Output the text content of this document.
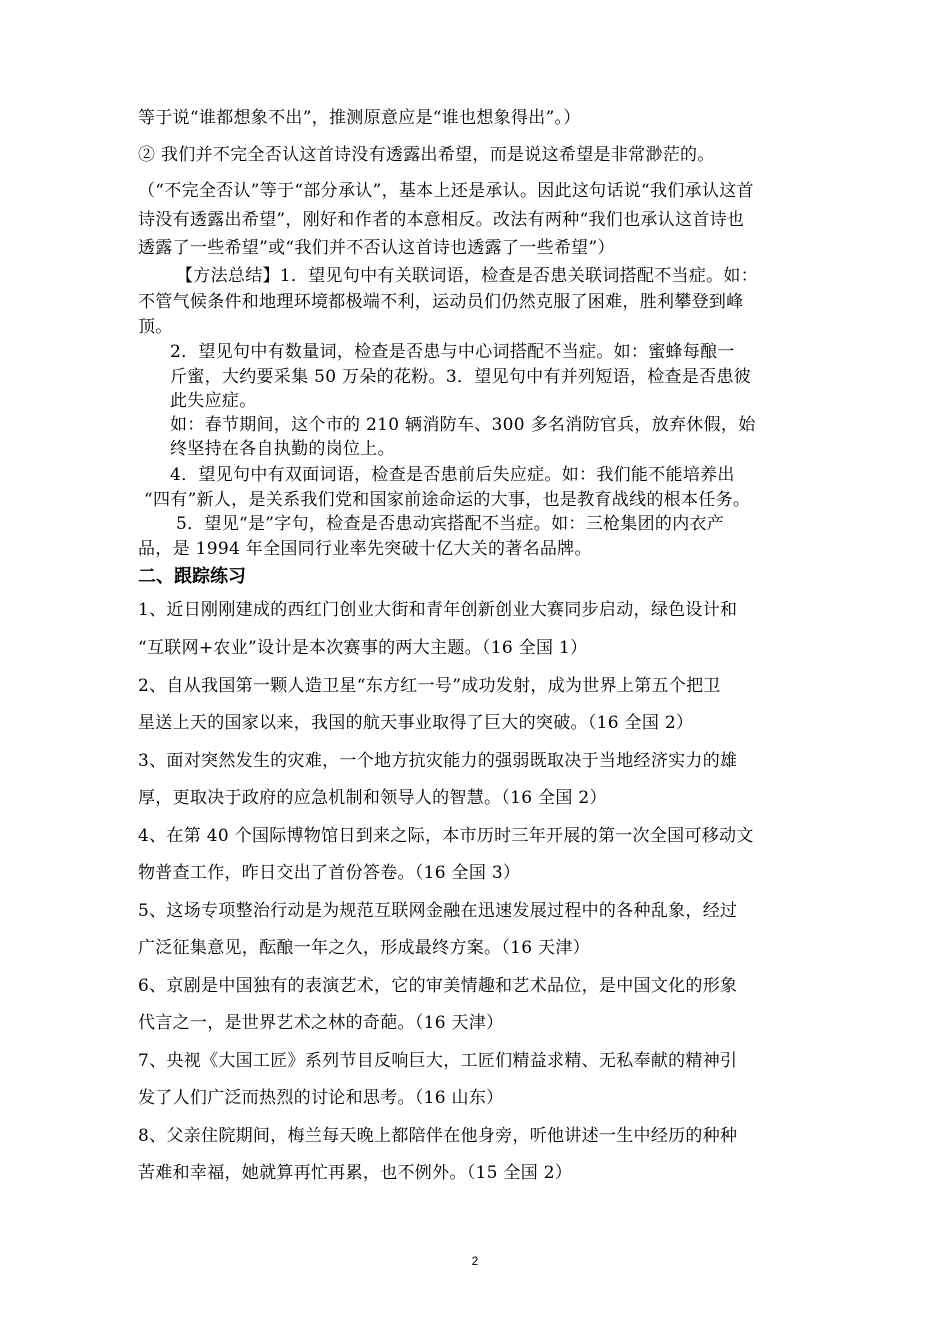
等于说“谁都想象不出”，推测原意应是“谁也想象得出”。）
② 我们并不完全否认这首诗没有透露出希望，而是说这希望是非常渺茫的。
（“不完全否认”等于“部分承认”，基本上还是承认。因此这句话说“我们承认这首
诗没有透露出希望”，刚好和作者的本意相反。改法有两种“我们也承认这首诗也
透露了一些希望”或“我们并不否认这首诗也透露了一些希望”）
【方法总结】1．望见句中有关联词语，检查是否患关联词搭配不当症。如：
不管气候条件和地理环境都极端不利，运动员们仍然克服了困难，胜利攀登到峰
顶。
2．望见句中有数量词，检查是否患与中心词搭配不当症。如：蜜蜂每酿一
斤蜜，大约要采集 50 万朵的花粉。3．望见句中有并列短语，检查是否患彼
此失应症。
如：春节期间，这个市的 210 辆消防车、300 多名消防官兵，放弃休假，始
终坚持在各自执勤的岗位上。
4．望见句中有双面词语，检查是否患前后失应症。如：我们能不能培养出
“四有”新人，是关系我们党和国家前途命运的大事，也是教育战线的根本任务。
5．望见“是”字句，检查是否患动宾搭配不当症。如：三枪集团的内衣产
品，是 1994 年全国同行业率先突破十亿大关的著名品牌。
二、跟踪练习
1、近日刚刚建成的西红门创业大街和青年创新创业大赛同步启动，绿色设计和
“互联网+农业”设计是本次赛事的两大主题。（16 全国 1）
2、自从我国第一颗人造卫星“东方红一号”成功发射，成为世界上第五个把卫
星送上天的国家以来，我国的航天事业取得了巨大的突破。（16 全国 2）
3、面对突然发生的灾难，一个地方抗灾能力的强弱既取决于当地经济实力的雄
厚，更取决于政府的应急机制和领导人的智慧。（16 全国 2）
4、在第 40 个国际博物馆日到来之际，本市历时三年开展的第一次全国可移动文
物普查工作，昨日交出了首份答卷。（16 全国 3）
5、这场专项整治行动是为规范互联网金融在迅速发展过程中的各种乱象，经过
广泛征集意见，酝酿一年之久，形成最终方案。（16 天津）
6、京剧是中国独有的表演艺术，它的审美情趣和艺术品位，是中国文化的形象
代言之一，是世界艺术之林的奇葩。（16 天津）
7、央视《大国工匠》系列节目反响巨大，工匠们精益求精、无私奉献的精神引
发了人们广泛而热烈的讨论和思考。（16 山东）
8、父亲住院期间，梅兰每天晚上都陪伴在他身旁，听他讲述一生中经历的种种
苦难和幸福，她就算再忙再累，也不例外。（15 全国 2）
2
